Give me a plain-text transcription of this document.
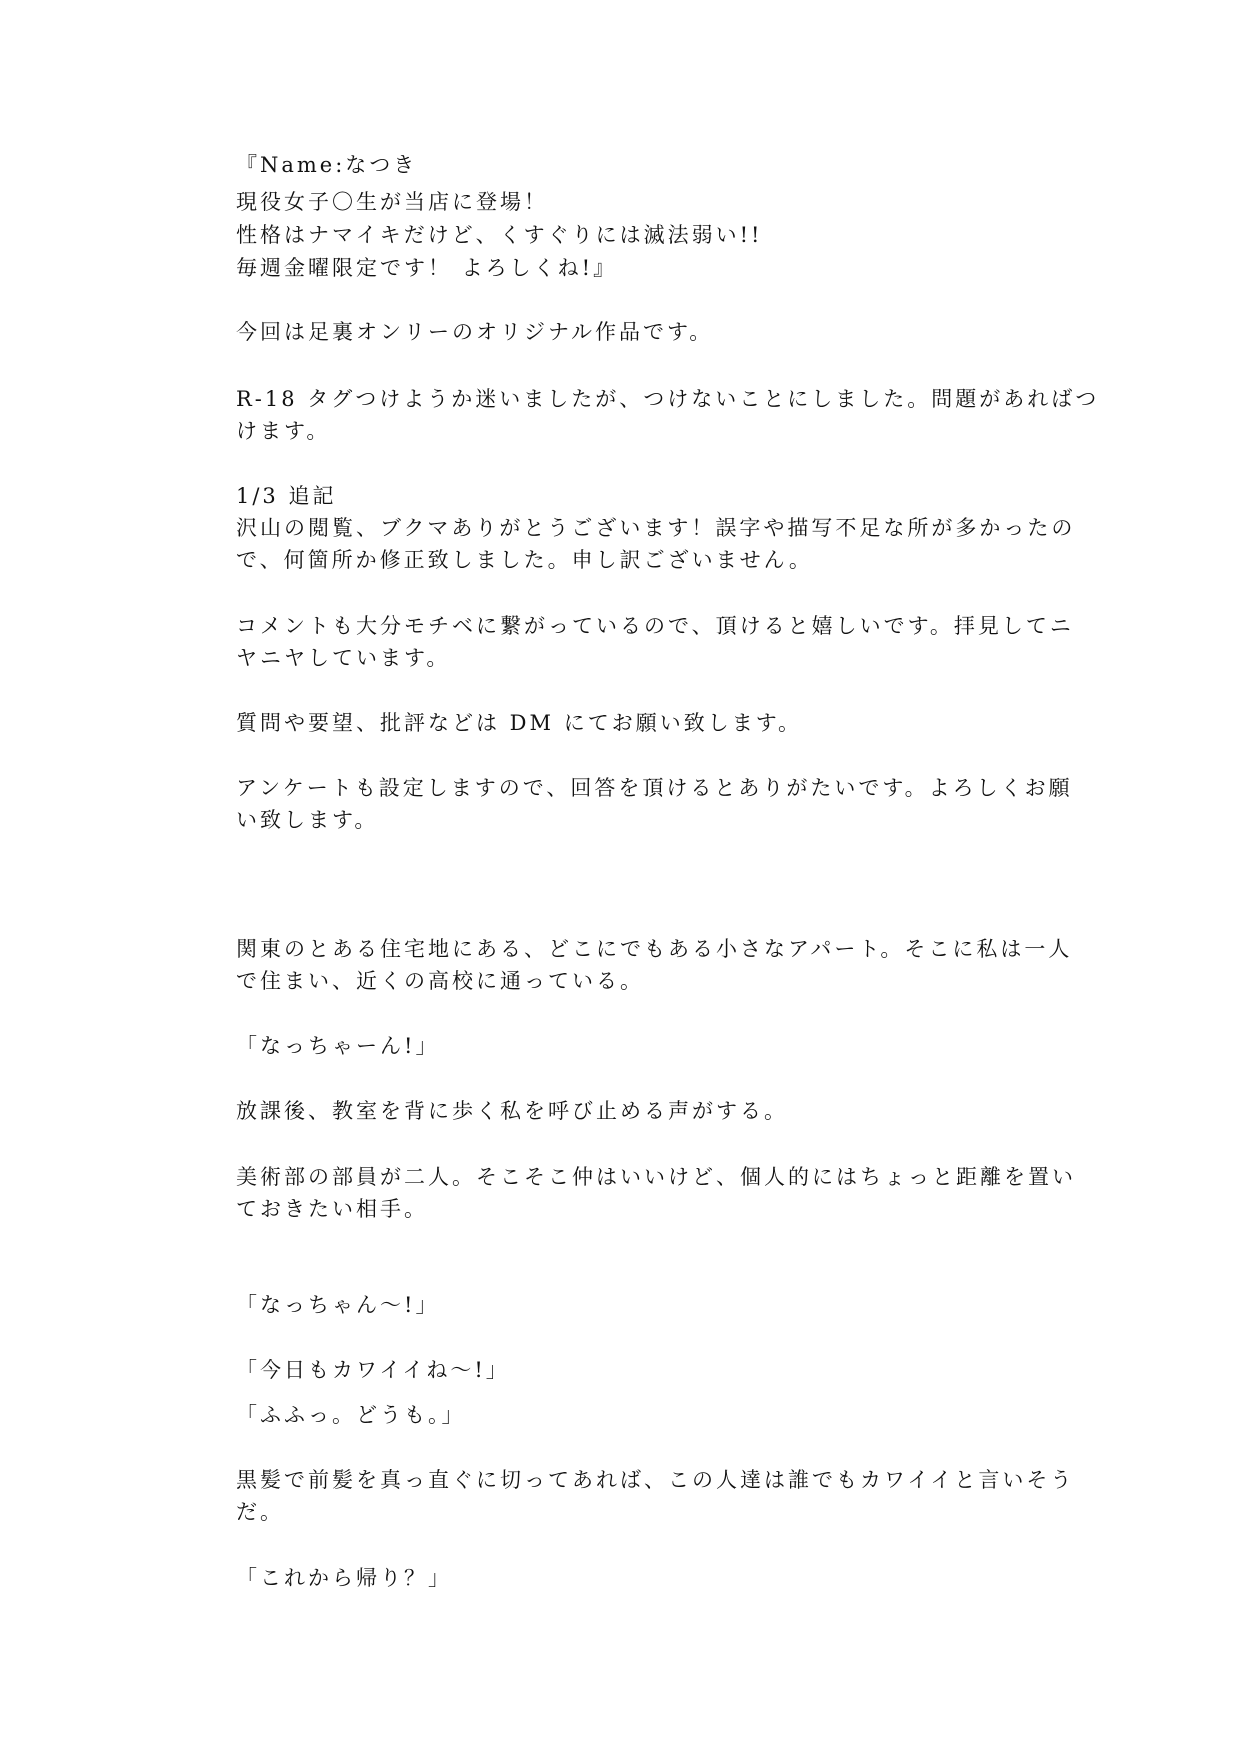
『Name:なつき
現役女子〇生が当店に登場！
性格はナマイキだけど、くすぐりには滅法弱い!!
毎週金曜限定です！ よろしくね!』
今回は足裏オンリーのオリジナル作品です。
R-18 タグつけようか迷いましたが、つけないことにしました。問題があればつ
けます。
1/3 追記
沢山の閲覧、ブクマありがとうございます！誤字や描写不足な所が多かったの
で、何箇所か修正致しました。申し訳ございません。
コメントも大分モチベに繋がっているので、頂けると嬉しいです。拝見してニ
ヤニヤしています。
質問や要望、批評などは DM にてお願い致します。
アンケートも設定しますので、回答を頂けるとありがたいです。よろしくお願
い致します。
関東のとある住宅地にある、どこにでもある小さなアパート。そこに私は一人
で住まい、近くの高校に通っている。
「なっちゃーん!」
放課後、教室を背に歩く私を呼び止める声がする。
美術部の部員が二人。そこそこ仲はいいけど、個人的にはちょっと距離を置い
ておきたい相手。
「なっちゃん〜!」
「今日もカワイイね〜!」
「ふふっ。どうも。」
黒髪で前髪を真っ直ぐに切ってあれば、この人達は誰でもカワイイと言いそう
だ。
「これから帰り？」
